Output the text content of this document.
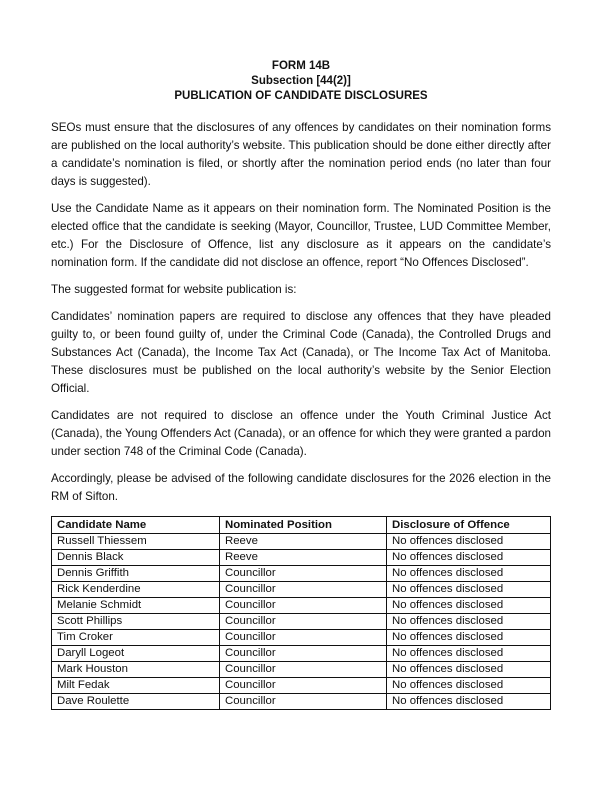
FORM 14B
Subsection [44(2)]
PUBLICATION OF CANDIDATE DISCLOSURES

SEOs must ensure that the disclosures of any offences by candidates on their nomination forms are published on the local authority’s website. This publication should be done either directly after a candidate’s nomination is filed, or shortly after the nomination period ends (no later than four days is suggested).

Use the Candidate Name as it appears on their nomination form. The Nominated Position is the elected office that the candidate is seeking (Mayor, Councillor, Trustee, LUD Committee Member, etc.) For the Disclosure of Offence, list any disclosure as it appears on the candidate’s nomination form. If the candidate did not disclose an offence, report “No Offences Disclosed”.

The suggested format for website publication is:

Candidates’ nomination papers are required to disclose any offences that they have pleaded guilty to, or been found guilty of, under the Criminal Code (Canada), the Controlled Drugs and Substances Act (Canada), the Income Tax Act (Canada), or The Income Tax Act of Manitoba. These disclosures must be published on the local authority’s website by the Senior Election Official.

Candidates are not required to disclose an offence under the Youth Criminal Justice Act (Canada), the Young Offenders Act (Canada), or an offence for which they were granted a pardon under section 748 of the Criminal Code (Canada).

Accordingly, please be advised of the following candidate disclosures for the 2026 election in the RM of Sifton.

Candidate Name	Nominated Position	Disclosure of Offence
Russell Thiessem	Reeve	No offences disclosed
Dennis Black	Reeve	No offences disclosed
Dennis Griffith	Councillor	No offences disclosed
Rick Kenderdine	Councillor	No offences disclosed
Melanie Schmidt	Councillor	No offences disclosed
Scott Phillips	Councillor	No offences disclosed
Tim Croker	Councillor	No offences disclosed
Daryll Logeot	Councillor	No offences disclosed
Mark Houston	Councillor	No offences disclosed
Milt Fedak	Councillor	No offences disclosed
Dave Roulette	Councillor	No offences disclosed
